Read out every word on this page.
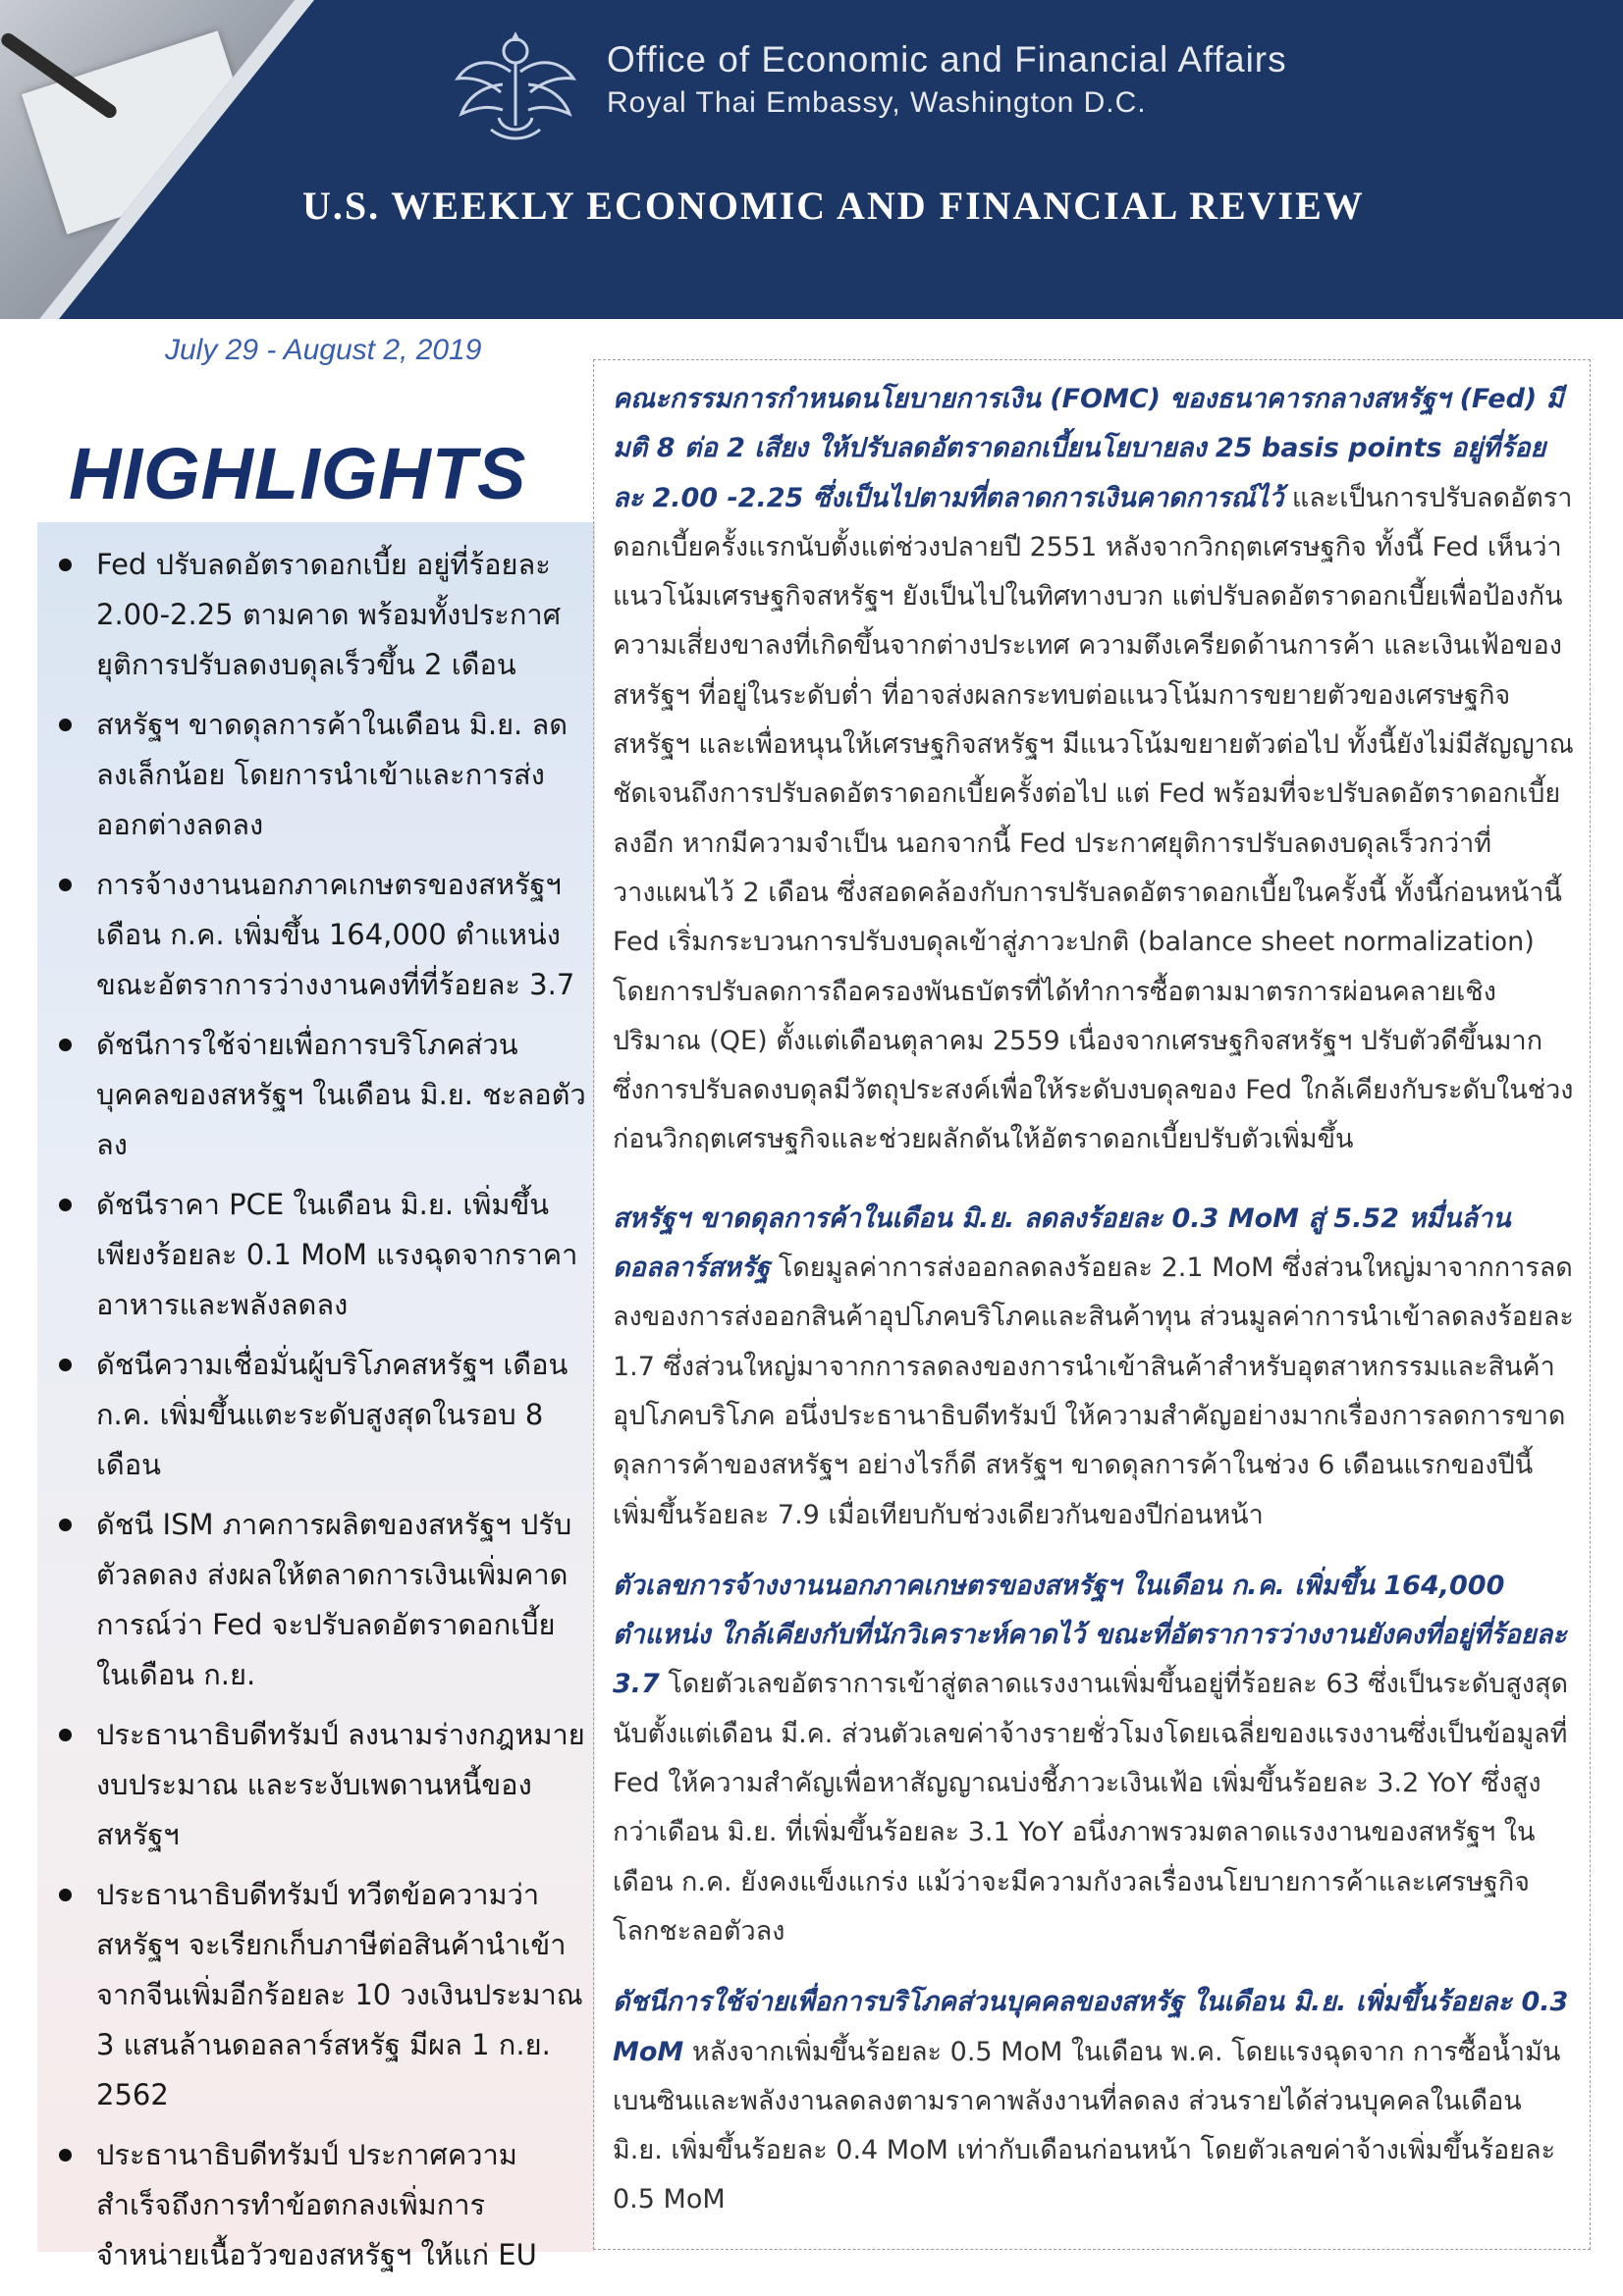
Office of Economic and Financial Affairs
Royal Thai Embassy, Washington D.C.
U.S. WEEKLY ECONOMIC AND FINANCIAL REVIEW
July 29 - August 2, 2019
HIGHLIGHTS
Fed ปรับลดอัตราดอกเบี้ย อยู่ที่ร้อยละ 2.00-2.25 ตามคาด พร้อมทั้งประกาศยุติการปรับลดงบดุลเร็วขึ้น 2 เดือน
สหรัฐฯ ขาดดุลการค้าในเดือน มิ.ย. ลดลงเล็กน้อย โดยการนำเข้าและการส่งออกต่างลดลง
การจ้างงานนอกภาคเกษตรของสหรัฐฯ เดือน ก.ค. เพิ่มขึ้น 164,000 ตำแหน่ง ขณะอัตราการว่างงานคงที่ที่ร้อยละ 3.7
ดัชนีการใช้จ่ายเพื่อการบริโภคส่วนบุคคลของสหรัฐฯ ในเดือน มิ.ย. ชะลอตัวลง
ดัชนีราคา PCE ในเดือน มิ.ย. เพิ่มขึ้นเพียงร้อยละ 0.1 MoM แรงฉุดจากราคาอาหารและพลังลดลง
ดัชนีความเชื่อมั่นผู้บริโภคสหรัฐฯ เดือน ก.ค. เพิ่มขึ้นแตะระดับสูงสุดในรอบ 8 เดือน
ดัชนี ISM ภาคการผลิตของสหรัฐฯ ปรับตัวลดลง ส่งผลให้ตลาดการเงินเพิ่มคาดการณ์ว่า Fed จะปรับลดอัตราดอกเบี้ยในเดือน ก.ย.
ประธานาธิบดีทรัมป์ ลงนามร่างกฎหมายงบประมาณ และระงับเพดานหนี้ของสหรัฐฯ
ประธานาธิบดีทรัมป์ ทวีตข้อความว่า สหรัฐฯ จะเรียกเก็บภาษีต่อสินค้านำเข้าจากจีนเพิ่มอีกร้อยละ 10 วงเงินประมาณ 3 แสนล้านดอลลาร์สหรัฐ มีผล 1 ก.ย. 2562
ประธานาธิบดีทรัมป์ ประกาศความสำเร็จถึงการทำข้อตกลงเพิ่มการจำหน่ายเนื้อวัวของสหรัฐฯ ให้แก่ EU

คณะกรรมการกำหนดนโยบายการเงิน (FOMC) ของธนาคารกลางสหรัฐฯ (Fed) มีมติ 8 ต่อ 2 เสียง ให้ปรับลดอัตราดอกเบี้ยนโยบายลง 25 basis points อยู่ที่ร้อยละ 2.00 -2.25 ซึ่งเป็นไปตามที่ตลาดการเงินคาดการณ์ไว้ และเป็นการปรับลดอัตราดอกเบี้ยครั้งแรกนับตั้งแต่ช่วงปลายปี 2551 หลังจากวิกฤตเศรษฐกิจ ทั้งนี้ Fed เห็นว่า แนวโน้มเศรษฐกิจสหรัฐฯ ยังเป็นไปในทิศทางบวก แต่ปรับลดอัตราดอกเบี้ยเพื่อป้องกันความเสี่ยงขาลงที่เกิดขึ้นจากต่างประเทศ ความตึงเครียดด้านการค้า และเงินเฟ้อของสหรัฐฯ ที่อยู่ในระดับต่ำ ที่อาจส่งผลกระทบต่อแนวโน้มการขยายตัวของเศรษฐกิจสหรัฐฯ และเพื่อหนุนให้เศรษฐกิจสหรัฐฯ มีแนวโน้มขยายตัวต่อไป ทั้งนี้ยังไม่มีสัญญาณชัดเจนถึงการปรับลดอัตราดอกเบี้ยครั้งต่อไป แต่ Fed พร้อมที่จะปรับลดอัตราดอกเบี้ยลงอีก หากมีความจำเป็น นอกจากนี้ Fed ประกาศยุติการปรับลดงบดุลเร็วกว่าที่วางแผนไว้ 2 เดือน ซึ่งสอดคล้องกับการปรับลดอัตราดอกเบี้ยในครั้งนี้ ทั้งนี้ก่อนหน้านี้ Fed เริ่มกระบวนการปรับงบดุลเข้าสู่ภาวะปกติ (balance sheet normalization) โดยการปรับลดการถือครองพันธบัตรที่ได้ทำการซื้อตามมาตรการผ่อนคลายเชิงปริมาณ (QE) ตั้งแต่เดือนตุลาคม 2559 เนื่องจากเศรษฐกิจสหรัฐฯ ปรับตัวดีขึ้นมาก ซึ่งการปรับลดงบดุลมีวัตถุประสงค์เพื่อให้ระดับงบดุลของ Fed ใกล้เคียงกับระดับในช่วงก่อนวิกฤตเศรษฐกิจและช่วยผลักดันให้อัตราดอกเบี้ยปรับตัวเพิ่มขึ้น

สหรัฐฯ ขาดดุลการค้าในเดือน มิ.ย. ลดลงร้อยละ 0.3 MoM สู่ 5.52 หมื่นล้านดอลลาร์สหรัฐ โดยมูลค่าการส่งออกลดลงร้อยละ 2.1 MoM ซึ่งส่วนใหญ่มาจากการลดลงของการส่งออกสินค้าอุปโภคบริโภคและสินค้าทุน ส่วนมูลค่าการนำเข้าลดลงร้อยละ 1.7 ซึ่งส่วนใหญ่มาจากการลดลงของการนำเข้าสินค้าสำหรับอุตสาหกรรมและสินค้าอุปโภคบริโภค อนึ่งประธานาธิบดีทรัมป์ ให้ความสำคัญอย่างมากเรื่องการลดการขาดดุลการค้าของสหรัฐฯ อย่างไรก็ดี สหรัฐฯ ขาดดุลการค้าในช่วง 6 เดือนแรกของปีนี้ เพิ่มขึ้นร้อยละ 7.9 เมื่อเทียบกับช่วงเดียวกันของปีก่อนหน้า

ตัวเลขการจ้างงานนอกภาคเกษตรของสหรัฐฯ ในเดือน ก.ค. เพิ่มขึ้น 164,000 ตำแหน่ง ใกล้เคียงกับที่นักวิเคราะห์คาดไว้ ขณะที่อัตราการว่างงานยังคงที่อยู่ที่ร้อยละ 3.7 โดยตัวเลขอัตราการเข้าสู่ตลาดแรงงานเพิ่มขึ้นอยู่ที่ร้อยละ 63 ซึ่งเป็นระดับสูงสุดนับตั้งแต่เดือน มี.ค. ส่วนตัวเลขค่าจ้างรายชั่วโมงโดยเฉลี่ยของแรงงานซึ่งเป็นข้อมูลที่ Fed ให้ความสำคัญเพื่อหาสัญญาณบ่งชี้ภาวะเงินเฟ้อ เพิ่มขึ้นร้อยละ 3.2 YoY ซึ่งสูงกว่าเดือน มิ.ย. ที่เพิ่มขึ้นร้อยละ 3.1 YoY อนึ่งภาพรวมตลาดแรงงานของสหรัฐฯ ในเดือน ก.ค. ยังคงแข็งแกร่ง แม้ว่าจะมีความกังวลเรื่องนโยบายการค้าและเศรษฐกิจโลกชะลอตัวลง

ดัชนีการใช้จ่ายเพื่อการบริโภคส่วนบุคคลของสหรัฐ ในเดือน มิ.ย. เพิ่มขึ้นร้อยละ 0.3 MoM หลังจากเพิ่มขึ้นร้อยละ 0.5 MoM ในเดือน พ.ค. โดยแรงฉุดจาก การซื้อน้ำมันเบนซินและพลังงานลดลงตามราคาพลังงานที่ลดลง ส่วนรายได้ส่วนบุคคลในเดือน มิ.ย. เพิ่มขึ้นร้อยละ 0.4 MoM เท่ากับเดือนก่อนหน้า โดยตัวเลขค่าจ้างเพิ่มขึ้นร้อยละ 0.5 MoM
